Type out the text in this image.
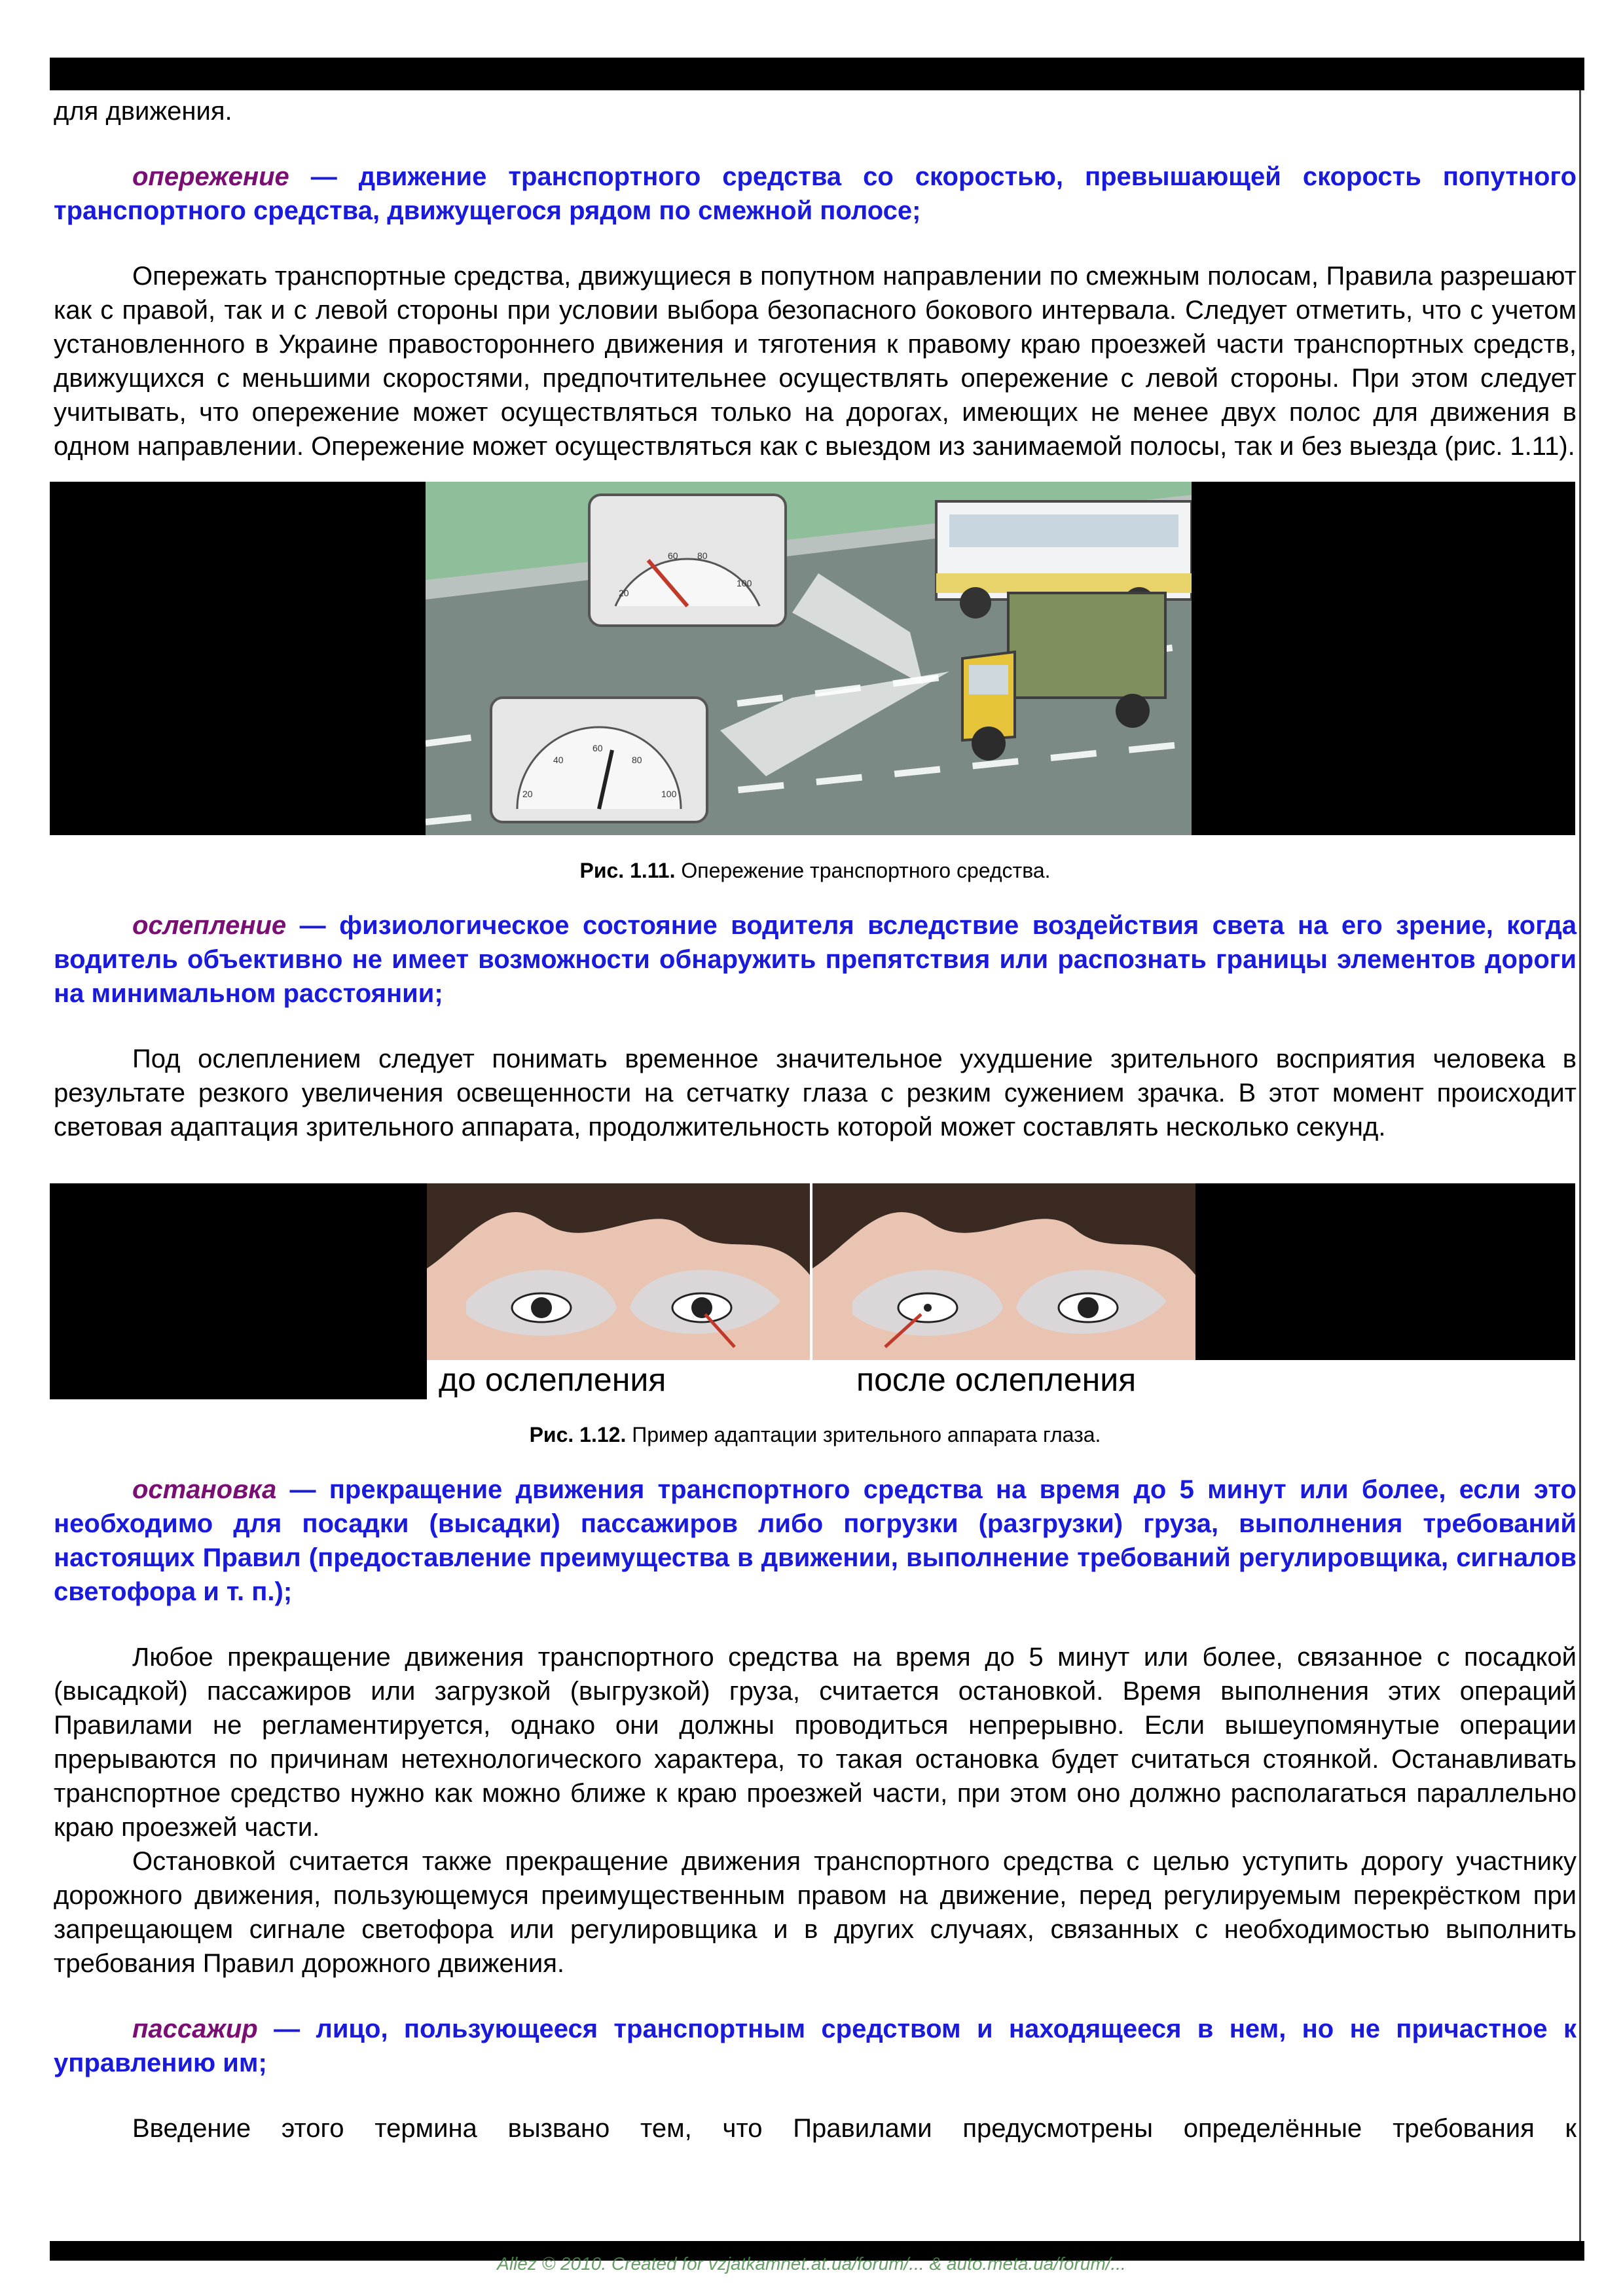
для движения.

опережение — движение транспортного средства со скоростью, превышающей скорость попутного транспортного средства, движущегося рядом по смежной полосе;

Опережать транспортные средства, движущиеся в попутном направлении по смежным полосам, Правила разрешают как с правой, так и с левой стороны при условии выбора безопасного бокового интервала. Следует отметить, что с учетом установленного в Украине правостороннего движения и тяготения к правому краю проезжей части транспортных средств, движущихся с меньшими скоростями, предпочтительнее осуществлять опережение с левой стороны. При этом следует учитывать, что опережение может осуществляться только на дорогах, имеющих не менее двух полос для движения в одном направлении. Опережение может осуществляться как с выездом из занимаемой полосы, так и без выезда (рис. 1.11).

20
60 80
100
20
40
60
80
100

Рис. 1.11. Опережение транспортного средства.

ослепление — физиологическое состояние водителя вследствие воздействия света на его зрение, когда водитель объективно не имеет возможности обнаружить препятствия или распознать границы элементов дороги на минимальном расстоянии;

Под ослеплением следует понимать временное значительное ухудшение зрительного восприятия человека в результате резкого увеличения освещенности на сетчатку глаза с резким сужением зрачка. В этот момент происходит световая адаптация зрительного аппарата, продолжительность которой может составлять несколько секунд.

до ослепления	после ослепления

Рис. 1.12. Пример адаптации зрительного аппарата глаза.

остановка — прекращение движения транспортного средства на время до 5 минут или более, если это необходимо для посадки (высадки) пассажиров либо погрузки (разгрузки) груза, выполнения требований настоящих Правил (предоставление преимущества в движении, выполнение требований регулировщика, сигналов светофора и т. п.);

Любое прекращение движения транспортного средства на время до 5 минут или более, связанное с посадкой (высадкой) пассажиров или загрузкой (выгрузкой) груза, считается остановкой. Время выполнения этих операций Правилами не регламентируется, однако они должны проводиться непрерывно. Если вышеупомянутые операции прерываются по причинам нетехнологического характера, то такая остановка будет считаться стоянкой. Останавливать транспортное средство нужно как можно ближе к краю проезжей части, при этом оно должно располагаться параллельно краю проезжей части.

Остановкой считается также прекращение движения транспортного средства с целью уступить дорогу участнику дорожного движения, пользующемуся преимущественным правом на движение, перед регулируемым перекрёстком при запрещающем сигнале светофора или регулировщика и в других случаях, связанных с необходимостью выполнить требования Правил дорожного движения.

пассажир — лицо, пользующееся транспортным средством и находящееся в нем, но не причастное к управлению им;

Введение этого термина вызвано тем, что Правилами предусмотрены определённые требования к

Allez © 2010. Created for vzjatkamnet.at.ua/forum/... & auto.meta.ua/forum/...
